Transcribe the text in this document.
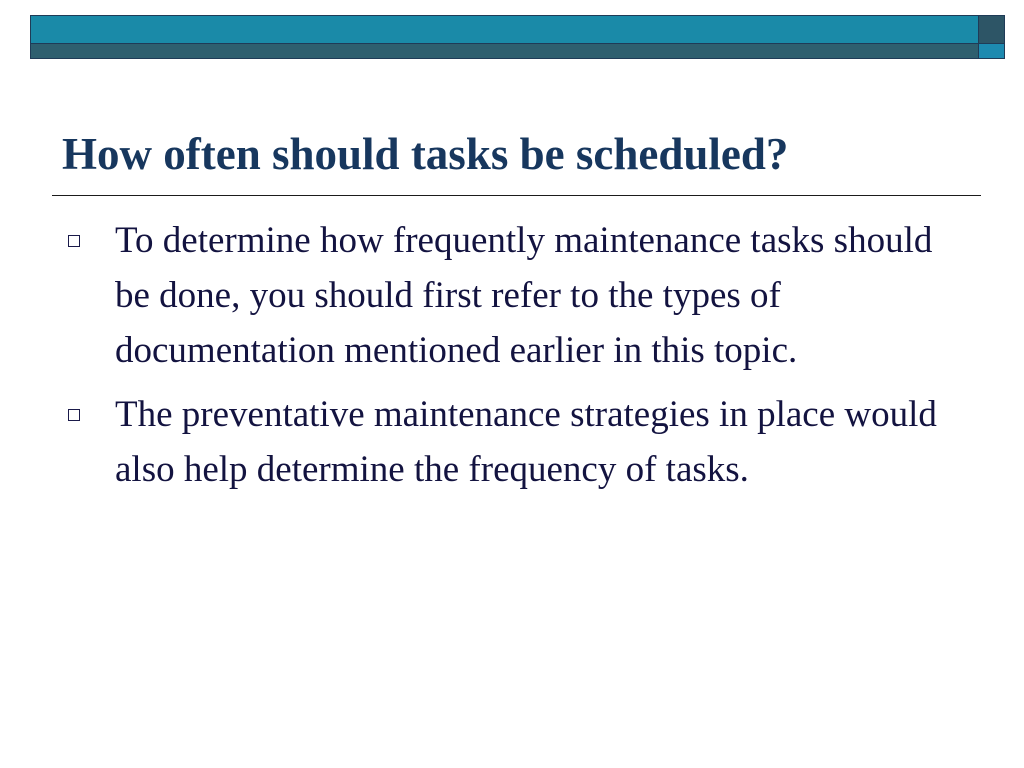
How often should tasks be scheduled?
To determine how frequently maintenance tasks should be done, you should first refer to the types of documentation mentioned earlier in this topic.
The preventative maintenance strategies in place would also help determine the frequency of tasks.
